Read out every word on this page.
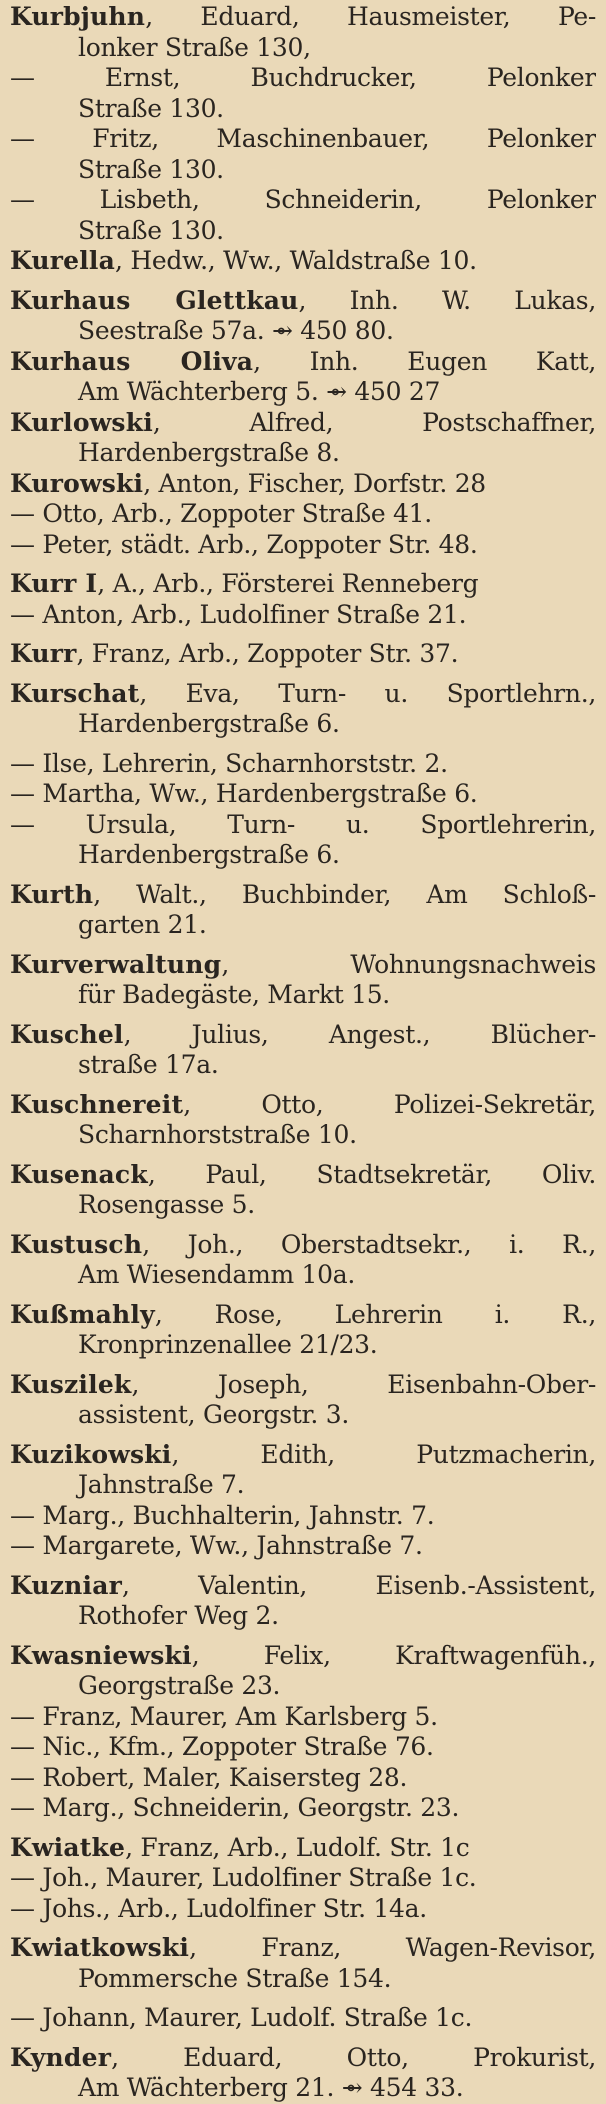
Kurbjuhn, Eduard, Hausmeister, Pe-
lonker Straße 130,
— Ernst, Buchdrucker, Pelonker
Straße 130.
— Fritz, Maschinenbauer, Pelonker
Straße 130.
— Lisbeth, Schneiderin, Pelonker
Straße 130.
Kurella, Hedw., Ww., Waldstraße 10.
Kurhaus Glettkau, Inh. W. Lukas,
Seestraße 57a. ⇴ 450 80.
Kurhaus Oliva, Inh. Eugen Katt,
Am Wächterberg 5. ⇴ 450 27
Kurlowski, Alfred, Postschaffner,
Hardenbergstraße 8.
Kurowski, Anton, Fischer, Dorfstr. 28
— Otto, Arb., Zoppoter Straße 41.
— Peter, städt. Arb., Zoppoter Str. 48.
Kurr I, A., Arb., Försterei Renneberg
— Anton, Arb., Ludolfiner Straße 21.
Kurr, Franz, Arb., Zoppoter Str. 37.
Kurschat, Eva, Turn- u. Sportlehrn.,
Hardenbergstraße 6.
— Ilse, Lehrerin, Scharnhorststr. 2.
— Martha, Ww., Hardenbergstraße 6.
— Ursula, Turn- u. Sportlehrerin,
Hardenbergstraße 6.
Kurth, Walt., Buchbinder, Am Schloß-
garten 21.
Kurverwaltung, Wohnungsnachweis
für Badegäste, Markt 15.
Kuschel, Julius, Angest., Blücher-
straße 17a.
Kuschnereit, Otto, Polizei-Sekretär,
Scharnhorststraße 10.
Kusenack, Paul, Stadtsekretär, Oliv.
Rosengasse 5.
Kustusch, Joh., Oberstadtsekr., i. R.,
Am Wiesendamm 10a.
Kußmahly, Rose, Lehrerin i. R.,
Kronprinzenallee 21/23.
Kuszilek, Joseph, Eisenbahn-Ober-
assistent, Georgstr. 3.
Kuzikowski, Edith, Putzmacherin,
Jahnstraße 7.
— Marg., Buchhalterin, Jahnstr. 7.
— Margarete, Ww., Jahnstraße 7.
Kuzniar, Valentin, Eisenb.-Assistent,
Rothofer Weg 2.
Kwasniewski, Felix, Kraftwagenfüh.,
Georgstraße 23.
— Franz, Maurer, Am Karlsberg 5.
— Nic., Kfm., Zoppoter Straße 76.
— Robert, Maler, Kaisersteg 28.
— Marg., Schneiderin, Georgstr. 23.
Kwiatke, Franz, Arb., Ludolf. Str. 1c
— Joh., Maurer, Ludolfiner Straße 1c.
— Johs., Arb., Ludolfiner Str. 14a.
Kwiatkowski, Franz, Wagen-Revisor,
Pommersche Straße 154.
— Johann, Maurer, Ludolf. Straße 1c.
Kynder, Eduard, Otto, Prokurist,
Am Wächterberg 21. ⇴ 454 33.
